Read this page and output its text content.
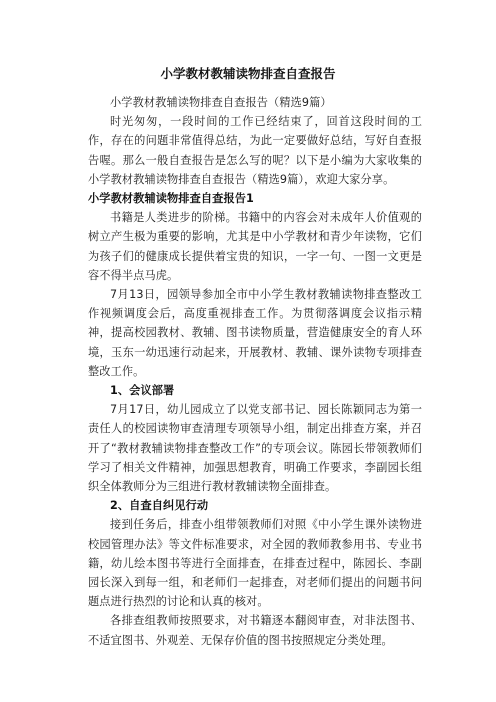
小学教材教辅读物排查自查报告

小学教材教辅读物排查自查报告（精选9篇）

时光匆匆，一段时间的工作已经结束了，回首这段时间的工作，存在的问题非常值得总结，为此一定要做好总结，写好自查报告喔。那么一般自查报告是怎么写的呢？以下是小编为大家收集的小学教材教辅读物排查自查报告（精选9篇），欢迎大家分享。

小学教材教辅读物排查自查报告1

书籍是人类进步的阶梯。书籍中的内容会对未成年人价值观的树立产生极为重要的影响，尤其是中小学教材和青少年读物，它们为孩子们的健康成长提供着宝贵的知识，一字一句、一图一文更是容不得半点马虎。

7月13日，园领导参加全市中小学生教材教辅读物排查整改工作视频调度会后，高度重视排查工作。为贯彻落调度会议指示精神，提高校园教材、教辅、图书读物质量，营造健康安全的育人环境，玉东一幼迅速行动起来，开展教材、教辅、课外读物专项排查整改工作。

1、会议部署

7月17日，幼儿园成立了以党支部书记、园长陈颖同志为第一责任人的校园读物审查清理专项领导小组，制定出排查方案，并召开了“教材教辅读物排查整改工作”的专项会议。陈园长带领教师们学习了相关文件精神，加强思想教育，明确工作要求，李副园长组织全体教师分为三组进行教材教辅读物全面排查。

2、自查自纠见行动

接到任务后，排查小组带领教师们对照《中小学生课外读物进校园管理办法》等文件标准要求，对全园的教师教参用书、专业书籍，幼儿绘本图书等进行全面排查，在排查过程中，陈园长、李副园长深入到每一组，和老师们一起排查，对老师们提出的问题书问题点进行热烈的讨论和认真的核对。

各排查组教师按照要求，对书籍逐本翻阅审查，对非法图书、不适宜图书、外观差、无保存价值的图书按照规定分类处理。
